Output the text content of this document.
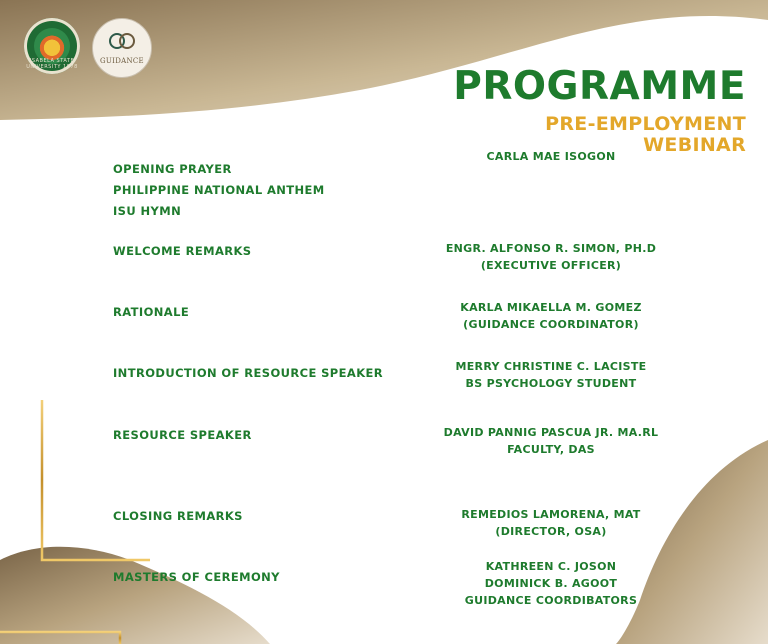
ISABELA STATE UNIVERSITY 1978
GUIDANCE
PROGRAMME
PRE-EMPLOYMENT
WEBINAR
CARLA MAE ISOGON
OPENING PRAYER
PHILIPPINE NATIONAL ANTHEM
ISU HYMN
WELCOME REMARKS
RATIONALE
INTRODUCTION OF RESOURCE SPEAKER
RESOURCE SPEAKER
CLOSING REMARKS
MASTERS OF CEREMONY
ENGR. ALFONSO R. SIMON, PH.D
(EXECUTIVE OFFICER)
KARLA MIKAELLA M. GOMEZ
(GUIDANCE COORDINATOR)
MERRY CHRISTINE C. LACISTE
BS PSYCHOLOGY STUDENT
DAVID PANNIG PASCUA JR. MA.RL
FACULTY, DAS
REMEDIOS LAMORENA, MAT
(DIRECTOR, OSA)
KATHREEN C. JOSON
DOMINICK B. AGOOT
GUIDANCE COORDIBATORS
